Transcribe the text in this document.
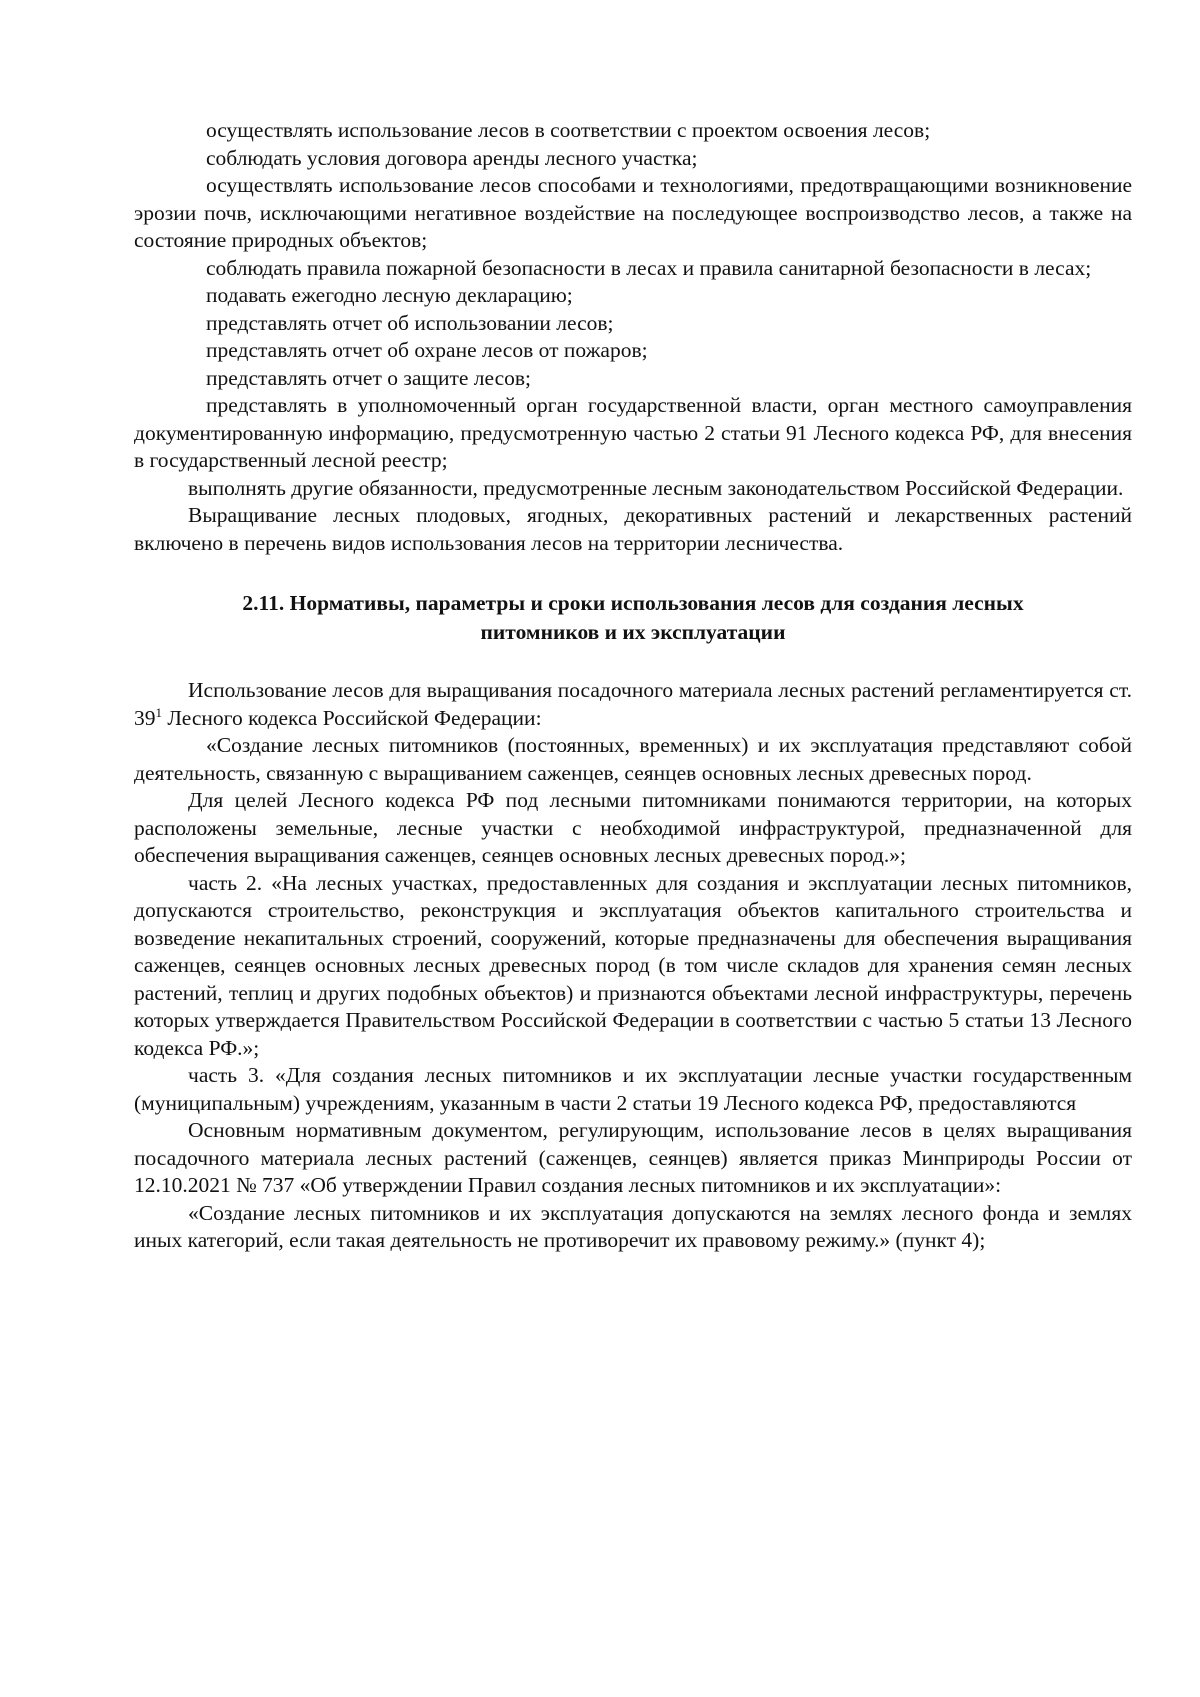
осуществлять использование лесов в соответствии с проектом освоения лесов;

соблюдать условия договора аренды лесного участка;

осуществлять использование лесов способами и технологиями, предотвращающими возникновение эрозии почв, исключающими негативное воздействие на последующее воспроизводство лесов, а также на состояние природных объектов;

соблюдать правила пожарной безопасности в лесах и правила санитарной безопасности в лесах;

подавать ежегодно лесную декларацию;

представлять отчет об использовании лесов;

представлять отчет об охране лесов от пожаров;

представлять отчет о защите лесов;

представлять в уполномоченный орган государственной власти, орган местного самоуправления документированную информацию, предусмотренную частью 2 статьи 91 Лесного кодекса РФ, для внесения в государственный лесной реестр;

выполнять другие обязанности, предусмотренные лесным законодательством Российской Федерации.

Выращивание лесных плодовых, ягодных, декоративных растений и лекарственных растений включено в перечень видов использования лесов на территории лесничества.

2.11. Нормативы, параметры и сроки использования лесов для создания лесных
питомников и их эксплуатации

Использование лесов для выращивания посадочного материала лесных растений регламентируется ст. $39^1$ Лесного кодекса Российской Федерации:

«Создание лесных питомников (постоянных, временных) и их эксплуатация представляют собой деятельность, связанную с выращиванием саженцев, сеянцев основных лесных древесных пород.

Для целей Лесного кодекса РФ под лесными питомниками понимаются территории, на которых расположены земельные, лесные участки с необходимой инфраструктурой, предназначенной для обеспечения выращивания саженцев, сеянцев основных лесных древесных пород.»;

часть 2. «На лесных участках, предоставленных для создания и эксплуатации лесных питомников, допускаются строительство, реконструкция и эксплуатация объектов капитального строительства и возведение некапитальных строений, сооружений, которые предназначены для обеспечения выращивания саженцев, сеянцев основных лесных древесных пород (в том числе складов для хранения семян лесных растений, теплиц и других подобных объектов) и признаются объектами лесной инфраструктуры, перечень которых утверждается Правительством Российской Федерации в соответствии с частью 5 статьи 13 Лесного кодекса РФ.»;

часть 3. «Для создания лесных питомников и их эксплуатации лесные участки государственным (муниципальным) учреждениям, указанным в части 2 статьи 19 Лесного кодекса РФ, предоставляются

Основным нормативным документом, регулирующим, использование лесов в целях выращивания посадочного материала лесных растений (саженцев, сеянцев) является приказ Минприроды России от 12.10.2021 № 737 «Об утверждении Правил создания лесных питомников и их эксплуатации»:

«Создание лесных питомников и их эксплуатация допускаются на землях лесного фонда и землях иных категорий, если такая деятельность не противоречит их правовому режиму.» (пункт 4);
